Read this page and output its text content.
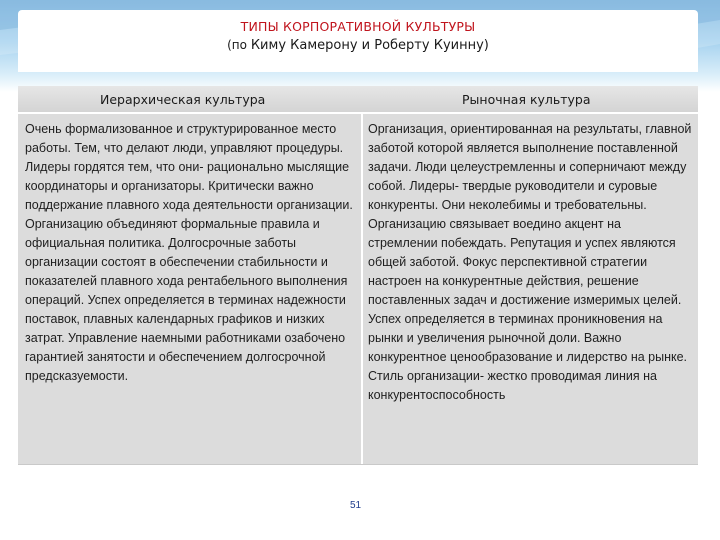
ТИПЫ КОРПОРАТИВНОЙ КУЛЬТУРЫ
(по Киму Камерону и Роберту Куинну)
Иерархическая культура	Рыночная культура
Очень формализованное и структурированное место работы. Тем, что делают люди, управляют процедуры. Лидеры гордятся тем, что они- рационально мыслящие координаторы и организаторы. Критически важно поддержание плавного хода деятельности организации. Организацию объединяют формальные правила и официальная политика. Долгосрочные заботы организации состоят в обеспечении стабильности и показателей плавного хода рентабельного выполнения операций. Успех определяется в терминах надежности поставок, плавных календарных графиков и низких затрат. Управление наемными работниками озабочено гарантией занятости и обеспечением долгосрочной предсказуемости.
Организация, ориентированная на результаты, главной заботой которой является выполнение поставленной задачи. Люди целеустремленны и соперничают между собой. Лидеры- твердые руководители и суровые конкуренты. Они неколебимы и требовательны. Организацию связывает воедино акцент на стремлении побеждать. Репутация и успех являются общей заботой. Фокус перспективной стратегии настроен на конкурентные действия, решение поставленных задач и достижение измеримых целей. Успех определяется в терминах проникновения на рынки и увеличения рыночной доли. Важно конкурентное ценообразование и лидерство на рынке. Стиль организации- жестко проводимая линия на конкурентоспособность
51
